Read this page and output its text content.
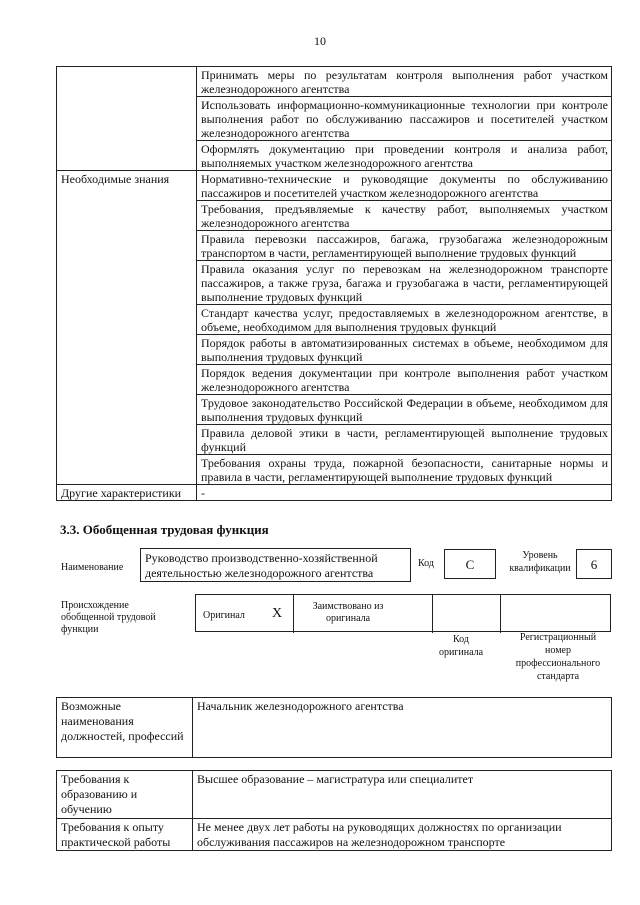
10
	Принимать меры по результатам контроля выполнения работ участком железнодорожного агентства
	Использовать информационно-коммуникационные технологии при контроле выполнения работ по обслуживанию пассажиров и посетителей участком железнодорожного агентства
	Оформлять документацию при проведении контроля и анализа работ, выполняемых участком железнодорожного агентства
Необходимые знания	Нормативно-технические и руководящие документы по обслуживанию пассажиров и посетителей участком железнодорожного агентства
	Требования, предъявляемые к качеству работ, выполняемых участком железнодорожного агентства
	Правила перевозки пассажиров, багажа, грузобагажа железнодорожным транспортом в части, регламентирующей выполнение трудовых функций
	Правила оказания услуг по перевозкам на железнодорожном транспорте пассажиров, а также груза, багажа и грузобагажа в части, регламентирующей выполнение трудовых функций
	Стандарт качества услуг, предоставляемых в железнодорожном агентстве, в объеме, необходимом для выполнения трудовых функций
	Порядок работы в автоматизированных системах в объеме, необходимом для выполнения трудовых функций
	Порядок ведения документации при контроле выполнения работ участком железнодорожного агентства
	Трудовое законодательство Российской Федерации в объеме, необходимом для выполнения трудовых функций
	Правила деловой этики в части, регламентирующей выполнение трудовых функций
	Требования охраны труда, пожарной безопасности, санитарные нормы и правила в части, регламентирующей выполнение трудовых функций
Другие характеристики	-
3.3. Обобщенная трудовая функция
Наименование
Руководство производственно-хозяйственной деятельностью железнодорожного агентства
Код	C
Уровень квалификации	6
Происхождение обобщенной трудовой функции
Оригинал X	Заимствовано из оригинала
Код оригинала
Регистрационный номер профессионального стандарта
Возможные наименования должностей, профессий	Начальник железнодорожного агентства
Требования к образованию и обучению	Высшее образование – магистратура или специалитет
Требования к опыту практической работы	Не менее двух лет работы на руководящих должностях по организации обслуживания пассажиров на железнодорожном транспорте
